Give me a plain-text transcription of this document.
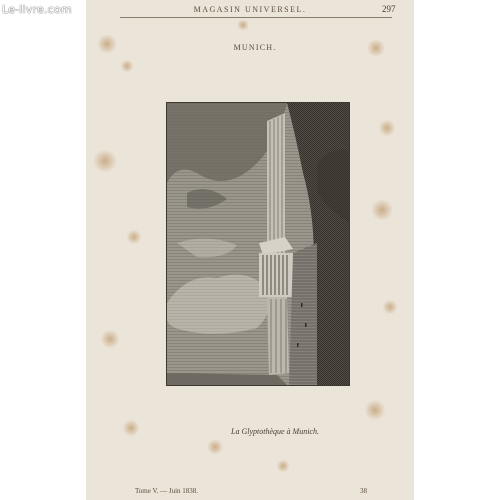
Le-livre.com	MAGASIN UNIVERSEL.	297
MUNICH.
La Glyptothèque à Munich.
Tome V. — Juin 1838.	38
